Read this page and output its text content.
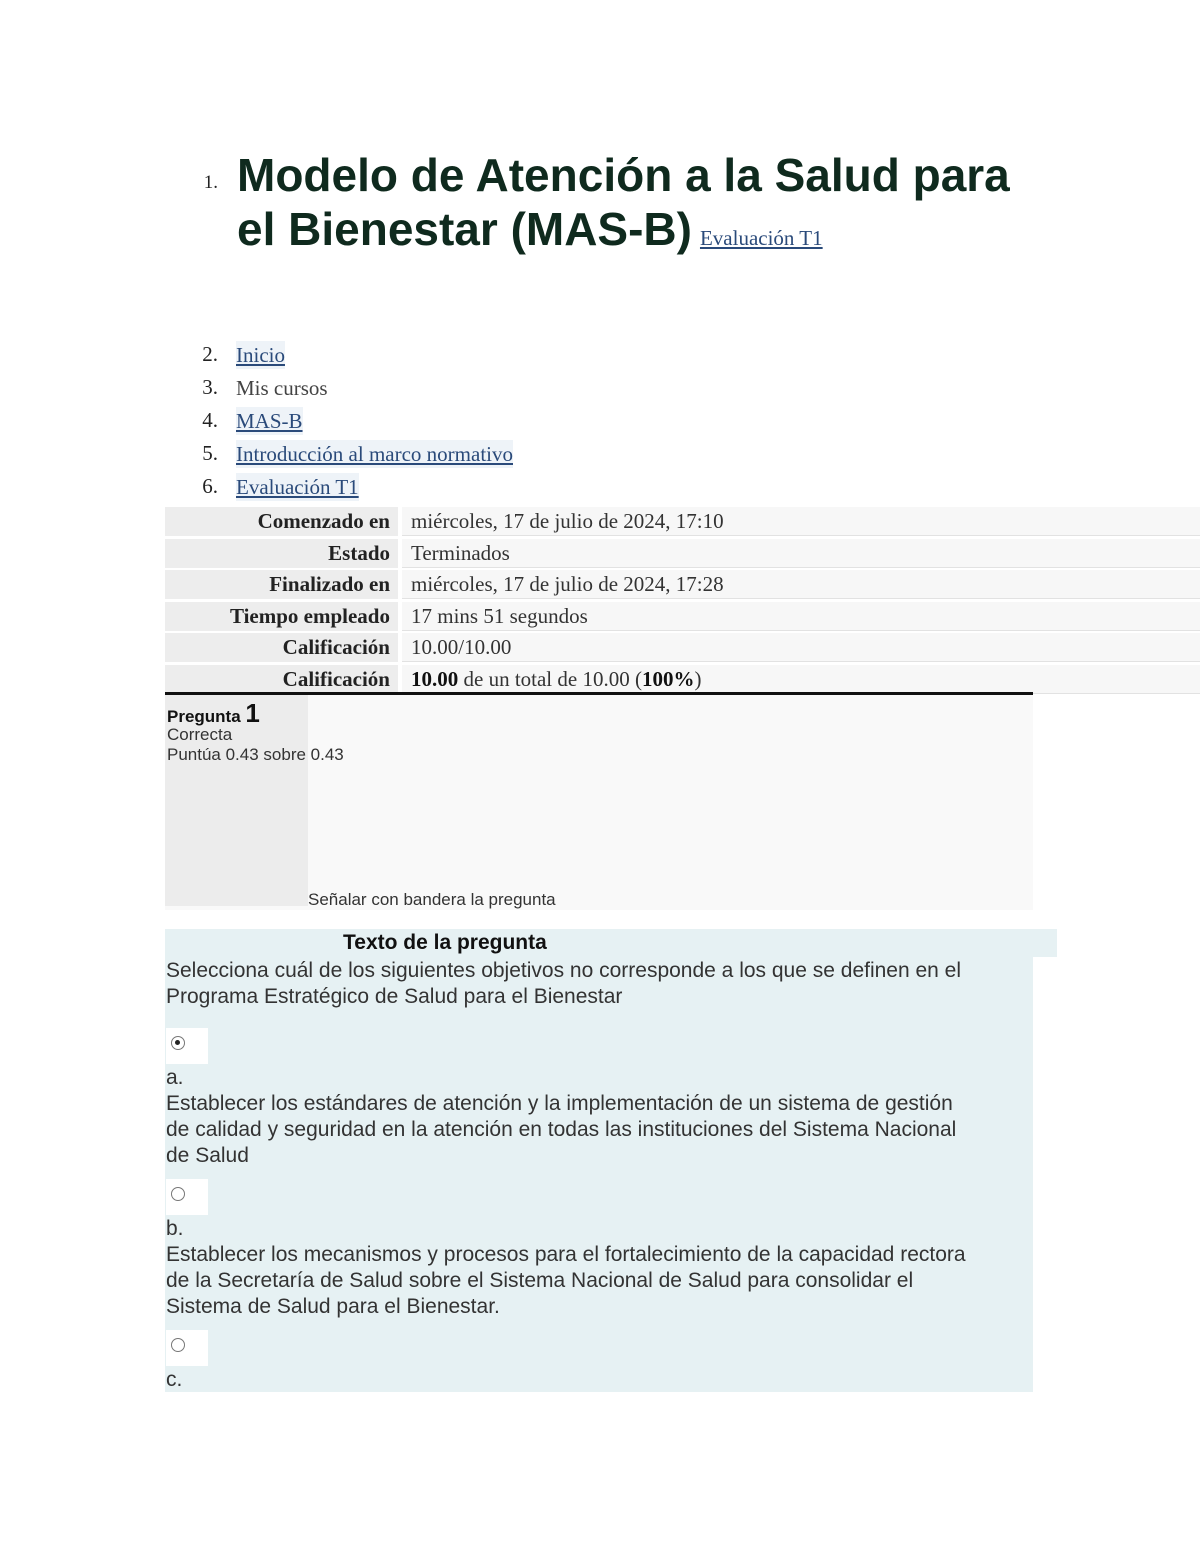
1. Modelo de Atención a la Salud para
el Bienestar (MAS-B) Evaluación T1
2. Inicio
3. Mis cursos
4. MAS-B
5. Introducción al marco normativo
6. Evaluación T1
Comenzado en	miércoles, 17 de julio de 2024, 17:10
Estado	Terminados
Finalizado en	miércoles, 17 de julio de 2024, 17:28
Tiempo empleado	17 mins 51 segundos
Calificación	10.00/10.00
Calificación	10.00 de un total de 10.00 (100%)
Pregunta 1
Correcta
Puntúa 0.43 sobre 0.43
Señalar con bandera la pregunta
Texto de la pregunta
Selecciona cuál de los siguientes objetivos no corresponde a los que se definen en el
Programa Estratégico de Salud para el Bienestar
a.
Establecer los estándares de atención y la implementación de un sistema de gestión
de calidad y seguridad en la atención en todas las instituciones del Sistema Nacional
de Salud
b.
Establecer los mecanismos y procesos para el fortalecimiento de la capacidad rectora
de la Secretaría de Salud sobre el Sistema Nacional de Salud para consolidar el
Sistema de Salud para el Bienestar.
c.
